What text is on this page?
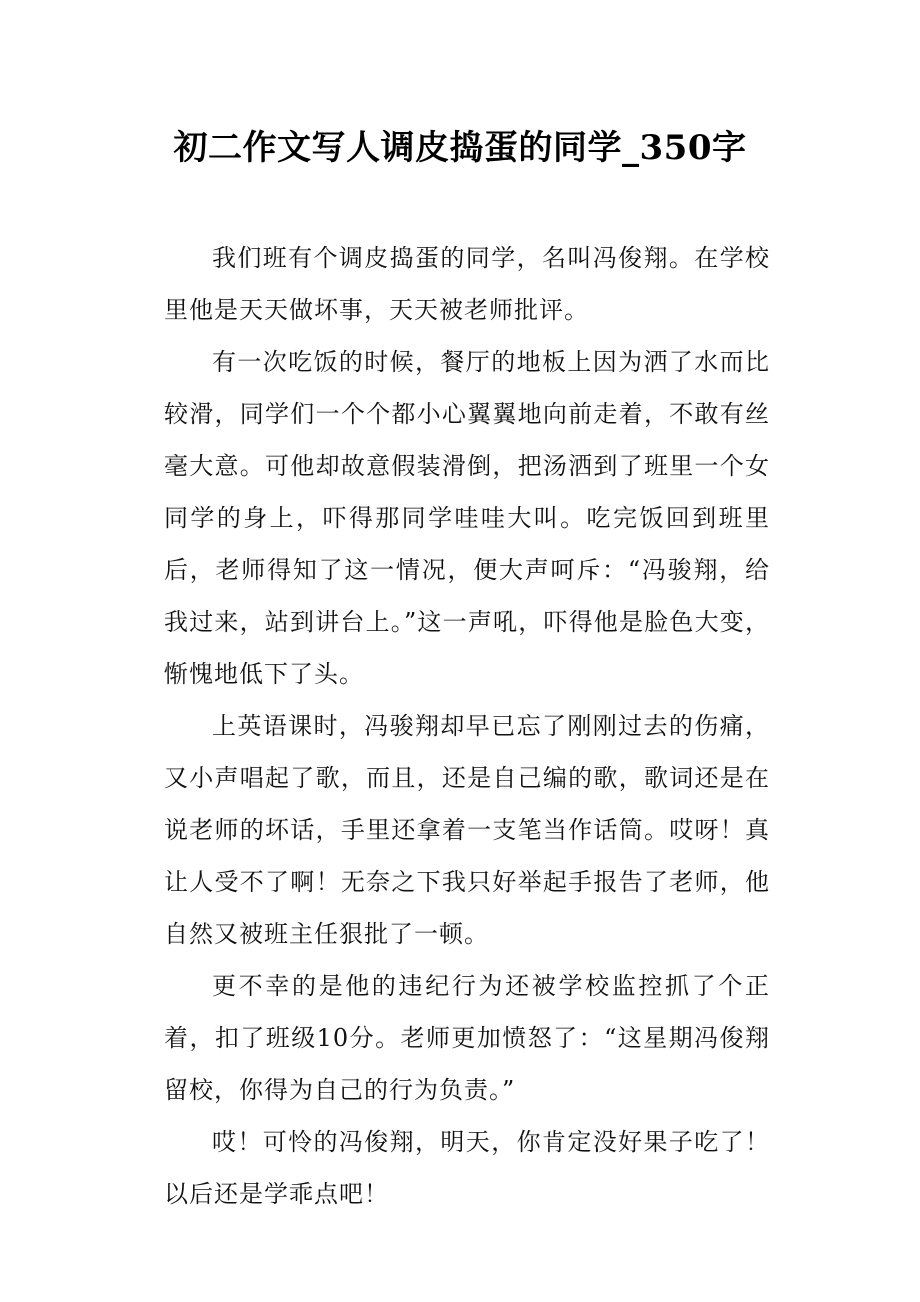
初二作文写人调皮捣蛋的同学_350字

我们班有个调皮捣蛋的同学，名叫冯俊翔。在学校里他是天天做坏事，天天被老师批评。

有一次吃饭的时候，餐厅的地板上因为洒了水而比较滑，同学们一个个都小心翼翼地向前走着，不敢有丝毫大意。可他却故意假装滑倒，把汤洒到了班里一个女同学的身上，吓得那同学哇哇大叫。吃完饭回到班里后，老师得知了这一情况，便大声呵斥：“冯骏翔，给我过来，站到讲台上。”这一声吼，吓得他是脸色大变，惭愧地低下了头。

上英语课时，冯骏翔却早已忘了刚刚过去的伤痛，又小声唱起了歌，而且，还是自己编的歌，歌词还是在说老师的坏话，手里还拿着一支笔当作话筒。哎呀！真让人受不了啊！无奈之下我只好举起手报告了老师，他自然又被班主任狠批了一顿。

更不幸的是他的违纪行为还被学校监控抓了个正着，扣了班级10分。老师更加愤怒了：“这星期冯俊翔留校，你得为自己的行为负责。”

哎！可怜的冯俊翔，明天，你肯定没好果子吃了！以后还是学乖点吧！
